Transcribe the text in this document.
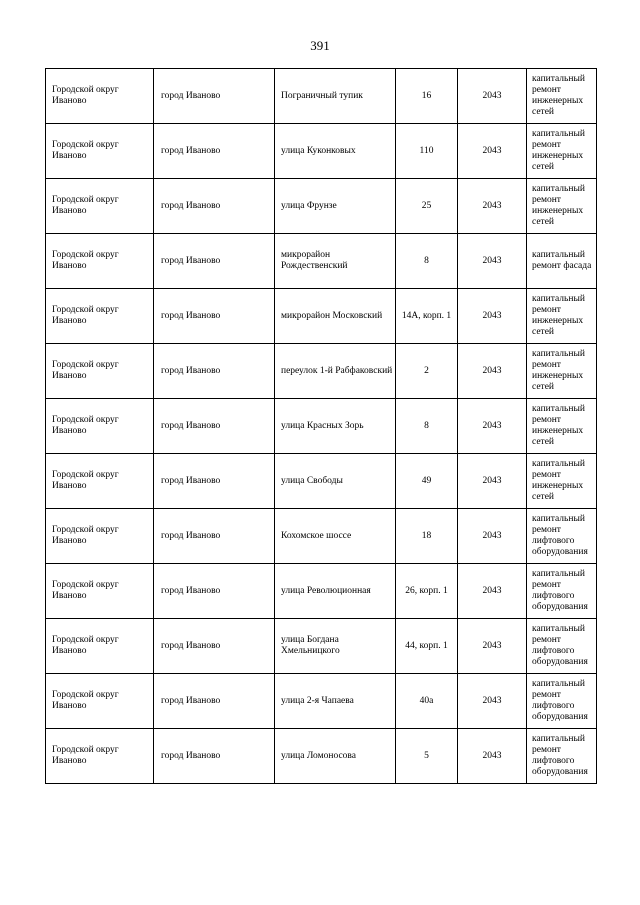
391
Городской округ Иваново	город Иваново	Пограничный тупик	16	2043	капитальный ремонт инженерных сетей
Городской округ Иваново	город Иваново	улица Куконковых	110	2043	капитальный ремонт инженерных сетей
Городской округ Иваново	город Иваново	улица Фрунзе	25	2043	капитальный ремонт инженерных сетей
Городской округ Иваново	город Иваново	микрорайон Рождественский	8	2043	капитальный ремонт фасада
Городской округ Иваново	город Иваново	микрорайон Московский	14А, корп. 1	2043	капитальный ремонт инженерных сетей
Городской округ Иваново	город Иваново	переулок 1-й Рабфаковский	2	2043	капитальный ремонт инженерных сетей
Городской округ Иваново	город Иваново	улица Красных Зорь	8	2043	капитальный ремонт инженерных сетей
Городской округ Иваново	город Иваново	улица Свободы	49	2043	капитальный ремонт инженерных сетей
Городской округ Иваново	город Иваново	Кохомское шоссе	18	2043	капитальный ремонт лифтового оборудования
Городской округ Иваново	город Иваново	улица Революционная	26, корп. 1	2043	капитальный ремонт лифтового оборудования
Городской округ Иваново	город Иваново	улица Богдана Хмельницкого	44, корп. 1	2043	капитальный ремонт лифтового оборудования
Городской округ Иваново	город Иваново	улица 2-я Чапаева	40а	2043	капитальный ремонт лифтового оборудования
Городской округ Иваново	город Иваново	улица Ломоносова	5	2043	капитальный ремонт лифтового оборудования
